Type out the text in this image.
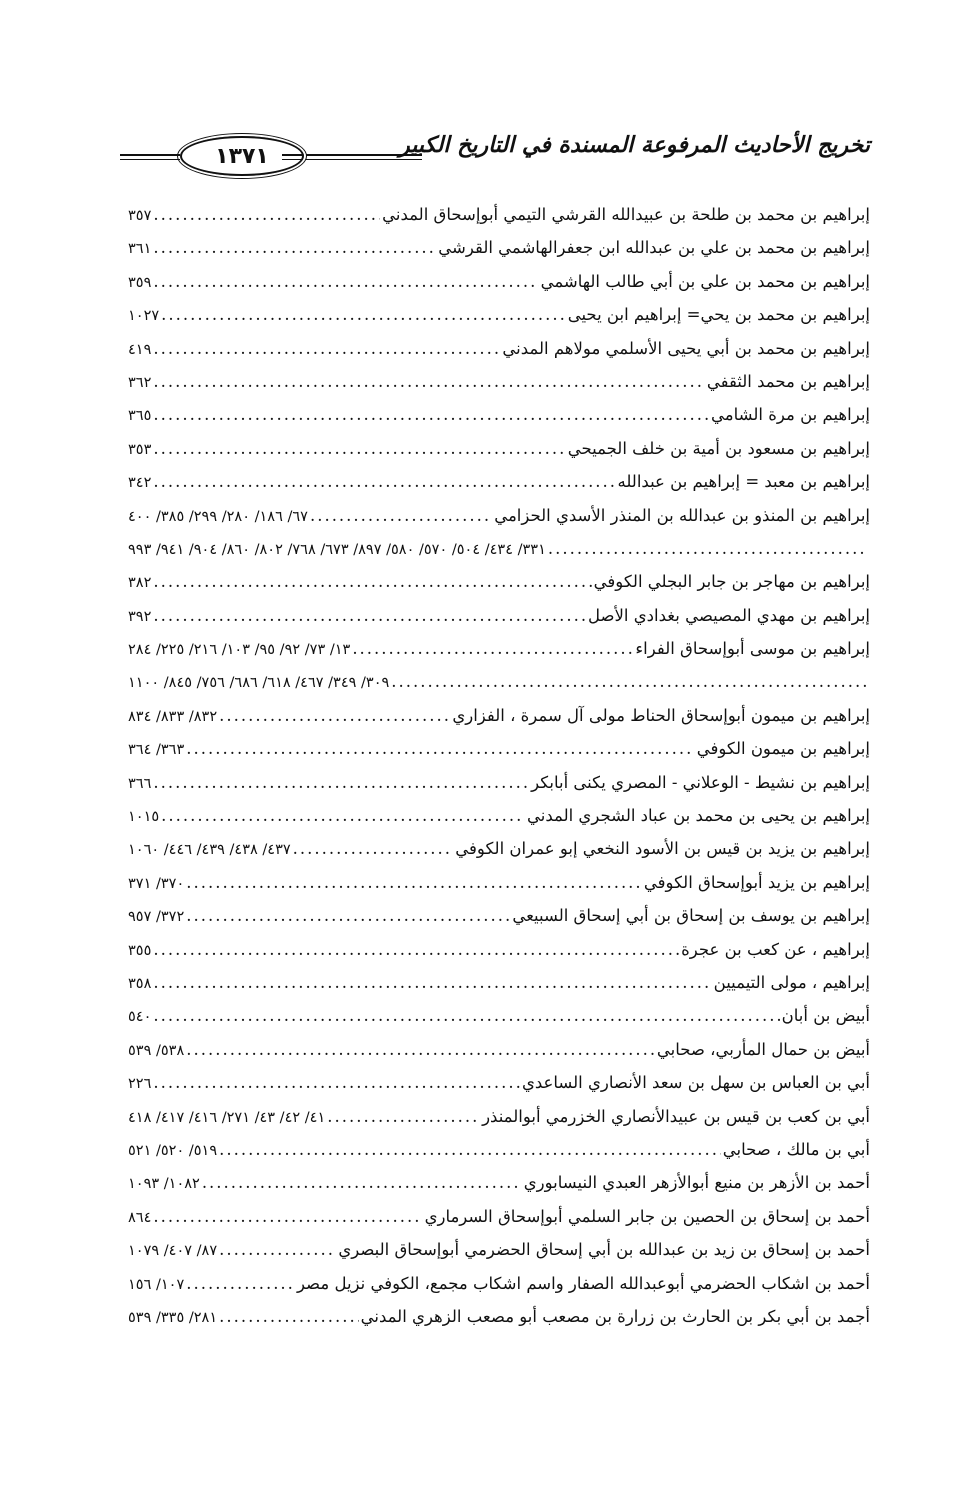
تخريج الأحاديث المرفوعة المسندة في التاريخ الكبير
١٣٧١
إبراهيم بن محمد بن طلحة بن عبيدالله القرشي التيمي أبوإسحاق المدني
.....
٣٥٧
إبراهيم بن محمد بن علي بن عبدالله ابن جعفرالهاشمي القرشي
.....
٣٦١
إبراهيم بن محمد بن علي بن أبي طالب الهاشمي
.....
٣٥٩
إبراهيم بن محمد بن يحي= إبراهيم ابن يحيى
.....
١٠٢٧
إبراهيم بن محمد بن أبي يحيى الأسلمي مولاهم المدني
.....
٤١٩
إبراهيم بن محمد الثقفي
.....
٣٦٢
إبراهيم بن مرة الشامي
.....
٣٦٥
إبراهيم بن مسعود بن أمية بن خلف الجميحي
.....
٣٥٣
إبراهيم بن معبد = إبراهيم بن عبدالله
.....
٣٤٢
إبراهيم بن المنذو بن عبدالله بن المنذر الأسدي الحزامي
.....
٦٧/ ١٨٦/ ٢٨٠/ ٢٩٩/ ٣٨٥/ ٤٠٠
.....
٣٣١/ ٤٣٤/ ٥٠٤/ ٥٧٠/ ٥٨٠/ ٨٩٧/ ٦٧٣/ ٧٦٨/ ٨٠٢/ ٨٦٠/ ٩٠٤/ ٩٤١/ ٩٩٣
إبراهيم بن مهاجر بن جابر البجلي الكوفي
.....
٣٨٢
إبراهيم بن مهدي المصيصي بغدادي الأصل
.....
٣٩٢
إبراهيم بن موسى أبوإسحاق الفراء
.....
١٣/ ٧٣/ ٩٢/ ٩٥/ ١٠٣/ ٢١٦/ ٢٢٥/ ٢٨٤
.....
٣٠٩/ ٣٤٩/ ٤٦٧/ ٦١٨/ ٦٨٦/ ٧٥٦/ ٨٤٥/ ١١٠٠
إبراهيم بن ميمون أبوإسحاق الحناط مولى آل سمرة ، الفزاري
.....
٨٣٢/ ٨٣٣/ ٨٣٤
إبراهيم بن ميمون الكوفي
.....
٣٦٣/ ٣٦٤
إبراهيم بن نشيط - الوعلاني - المصري يكنى أبابكر
.....
٣٦٦
إبراهيم بن يحيى بن محمد بن عباد الشجري المدني
.....
١٠١٥
إبراهيم بن يزيد بن قيس بن الأسود النخعي إبو عمران الكوفي
.....
٤٣٧/ ٤٣٨/ ٤٣٩/ ٤٤٦/ ١٠٦٠
إبراهيم بن يزيد أبوإسحاق الكوفي
.....
٣٧٠/ ٣٧١
إبراهيم بن يوسف بن إسحاق بن أبي إسحاق السبيعي
.....
٣٧٢/ ٩٥٧
إبراهيم ، عن كعب بن عجرة
.....
٣٥٥
إبراهيم ، مولى التيميين
.....
٣٥٨
أبيض بن أبان
.....
٥٤٠
أبيض بن حمال المأربي، صحابي
.....
٥٣٨/ ٥٣٩
أبي بن العباس بن سهل بن سعد الأنصاري الساعدي
.....
٢٢٦
أبي بن كعب بن قيس بن عبيدالأنصاري الخزرمي أبوالمنذر
.....
٤١/ ٤٢/ ٤٣/ ٢٧١/ ٤١٦/ ٤١٧/ ٤١٨
أبي بن مالك ، صحابي
.....
٥١٩/ ٥٢٠/ ٥٢١
أحمد بن الأزهر بن منيع أبوالأزهر العبدي النيسابوري
.....
١٠٨٢/ ١٠٩٣
أحمد بن إسحاق بن الحصين بن جابر السلمي أبوإسحاق السرماري
.....
٨٦٤
أحمد بن إسحاق بن زيد بن عبدالله بن أبي إسحاق الحضرمي أبوإسحاق البصري
.....
٨٧/ ٤٠٧/ ١٠٧٩
أحمد بن اشكاب الحضرمي أبوعبدالله الصفار واسم اشكاب مجمع، الكوفي نزيل مصر
.....
١٠٧/ ١٥٦
أجمد بن أبي بكر بن الحارث بن زرارة بن مصعب أبو مصعب الزهري المدني
.....
٢٨١/ ٣٣٥/ ٥٣٩
